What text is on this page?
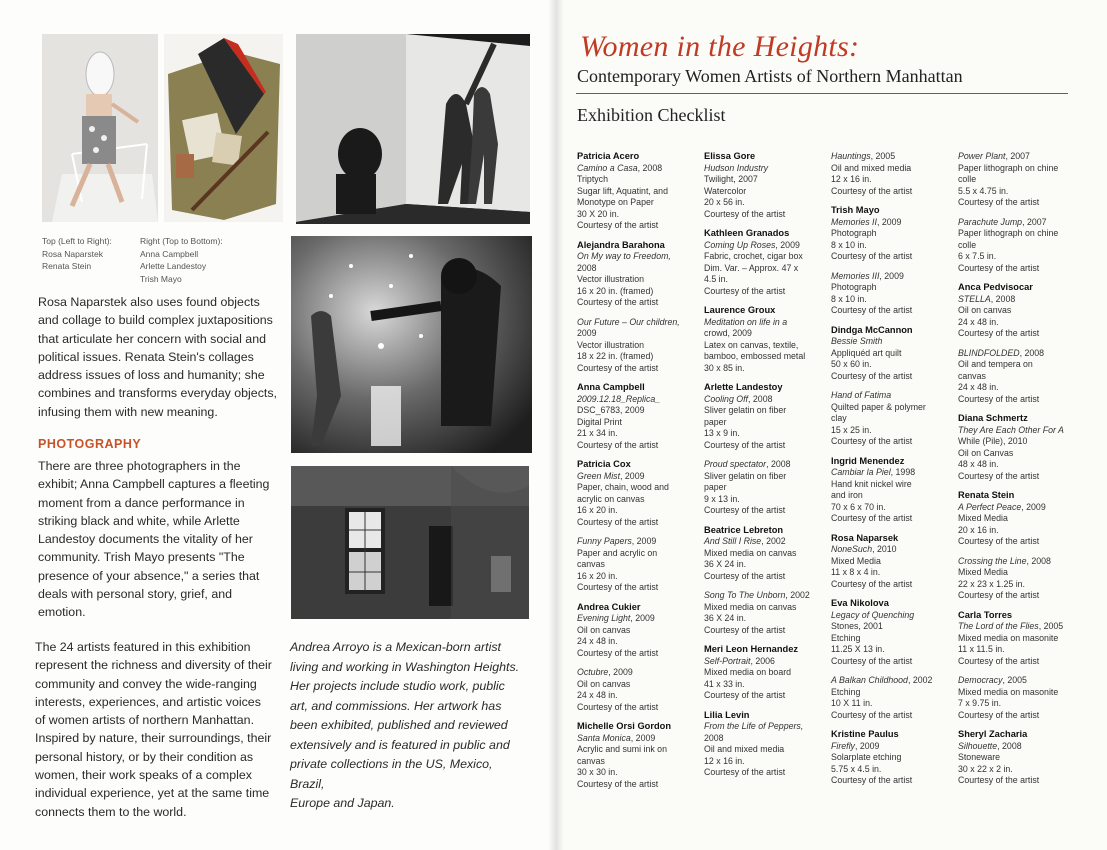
Top (Left to Right):
Rosa Naparstek
Renata Stein
Right (Top to Bottom):
Anna Campbell
Arlette Landestoy
Trish Mayo
Rosa Naparstek also uses found objects
and collage to build complex juxtapositions
that articulate her concern with social and
political issues. Renata Stein's collages
address issues of loss and humanity; she
combines and transforms everyday objects,
infusing them with new meaning.
PHOTOGRAPHY
There are three photographers in the
exhibit; Anna Campbell captures a fleeting
moment from a dance performance in
striking black and white, while Arlette
Landestoy documents the vitality of her
community. Trish Mayo presents "The
presence of your absence," a series that
deals with personal story, grief, and
emotion.
The 24 artists featured in this exhibition
represent the richness and diversity of their
community and convey the wide-ranging
interests, experiences, and artistic voices
of women artists of northern Manhattan.
Inspired by nature, their surroundings, their
personal history, or by their condition as
women, their work speaks of a complex
individual experience, yet at the same time
connects them to the world.
Andrea Arroyo is a Mexican-born artist
living and working in Washington Heights.
Her projects include studio work, public
art, and commissions. Her artwork has
been exhibited, published and reviewed
extensively and is featured in public and
private collections in the US, Mexico, Brazil,
Europe and Japan.
Women in the Heights:
Contemporary Women Artists of Northern Manhattan
Exhibition Checklist
Patricia Acero
Camino a Casa, 2008
Triptych
Sugar lift, Aquatint, and
Monotype on Paper
30 X 20 in.
Courtesy of the artist
Alejandra Barahona
On My way to Freedom,
2008
Vector illustration
16 x 20 in. (framed)
Courtesy of the artist
Our Future – Our children,
2009
Vector illustration
18 x 22 in. (framed)
Courtesy of the artist
Anna Campbell
2009.12.18_Replica_
DSC_6783, 2009
Digital Print
21 x 34 in.
Courtesy of the artist
Patricia Cox
Green Mist, 2009
Paper, chain, wood and
acrylic on canvas
16 x 20 in.
Courtesy of the artist
Funny Papers, 2009
Paper and acrylic on
canvas
16 x 20 in.
Courtesy of the artist
Andrea Cukier
Evening Light, 2009
Oil on canvas
24 x 48 in.
Courtesy of the artist
Octubre, 2009
Oil on canvas
24 x 48 in.
Courtesy of the artist
Michelle Orsi Gordon
Santa Monica, 2009
Acrylic and sumi ink on
canvas
30 x 30 in.
Courtesy of the artist
Elissa Gore
Hudson Industry
Twilight, 2007
Watercolor
20 x 56 in.
Courtesy of the artist
Kathleen Granados
Coming Up Roses, 2009
Fabric, crochet, cigar box
Dim. Var. – Approx. 47 x
4.5 in.
Courtesy of the artist
Laurence Groux
Meditation on life in a
crowd, 2009
Latex on canvas, textile,
bamboo, embossed metal
30 x 85 in.
Arlette Landestoy
Cooling Off, 2008
Sliver gelatin on fiber
paper
13 x 9 in.
Courtesy of the artist
Proud spectator, 2008
Sliver gelatin on fiber
paper
9 x 13 in.
Courtesy of the artist
Beatrice Lebreton
And Still I Rise, 2002
Mixed media on canvas
36 X 24 in.
Courtesy of the artist
Song To The Unborn, 2002
Mixed media on canvas
36 X 24 in.
Courtesy of the artist
Meri Leon Hernandez
Self-Portrait, 2006
Mixed media on board
41 x 33 in.
Courtesy of the artist
Lilia Levin
From the Life of Peppers,
2008
Oil and mixed media
12 x 16 in.
Courtesy of the artist
Hauntings, 2005
Oil and mixed media
12 x 16 in.
Courtesy of the artist
Trish Mayo
Memories II, 2009
Photograph
8 x 10 in.
Courtesy of the artist
Memories III, 2009
Photograph
8 x 10 in.
Courtesy of the artist
Dindga McCannon
Bessie Smith
Appliquéd art quilt
50 x 60 in.
Courtesy of the artist
Hand of Fatima
Quilted paper & polymer
clay
15 x 25 in.
Courtesy of the artist
Ingrid Menendez
Cambiar la Piel, 1998
Hand knit nickel wire
and iron
70 x 6 x 70 in.
Courtesy of the artist
Rosa Naparsek
NoneSuch, 2010
Mixed Media
11 x 8 x 4 in.
Courtesy of the artist
Eva Nikolova
Legacy of Quenching
Stones, 2001
Etching
11.25 X 13 in.
Courtesy of the artist
A Balkan Childhood, 2002
Etching
10 X 11 in.
Courtesy of the artist
Kristine Paulus
Firefly, 2009
Solarplate etching
5.75 x 4.5 in.
Courtesy of the artist
Power Plant, 2007
Paper lithograph on chine
colle
5.5 x 4.75 in.
Courtesy of the artist
Parachute Jump, 2007
Paper lithograph on chine
colle
6 x 7.5 in.
Courtesy of the artist
Anca Pedvisocar
STELLA, 2008
Oil on canvas
24 x 48 in.
Courtesy of the artist
BLINDFOLDED, 2008
Oil and tempera on
canvas
24 x 48 in.
Courtesy of the artist
Diana Schmertz
They Are Each Other For A
While (Pile), 2010
Oil on Canvas
48 x 48 in.
Courtesy of the artist
Renata Stein
A Perfect Peace, 2009
Mixed Media
20 x 16 in.
Courtesy of the artist
Crossing the Line, 2008
Mixed Media
22 x 23 x 1.25 in.
Courtesy of the artist
Carla Torres
The Lord of the Flies, 2005
Mixed media on masonite
11 x 11.5 in.
Courtesy of the artist
Democracy, 2005
Mixed media on masonite
7 x 9.75 in.
Courtesy of the artist
Sheryl Zacharia
Silhouette, 2008
Stoneware
30 x 22 x 2 in.
Courtesy of the artist
